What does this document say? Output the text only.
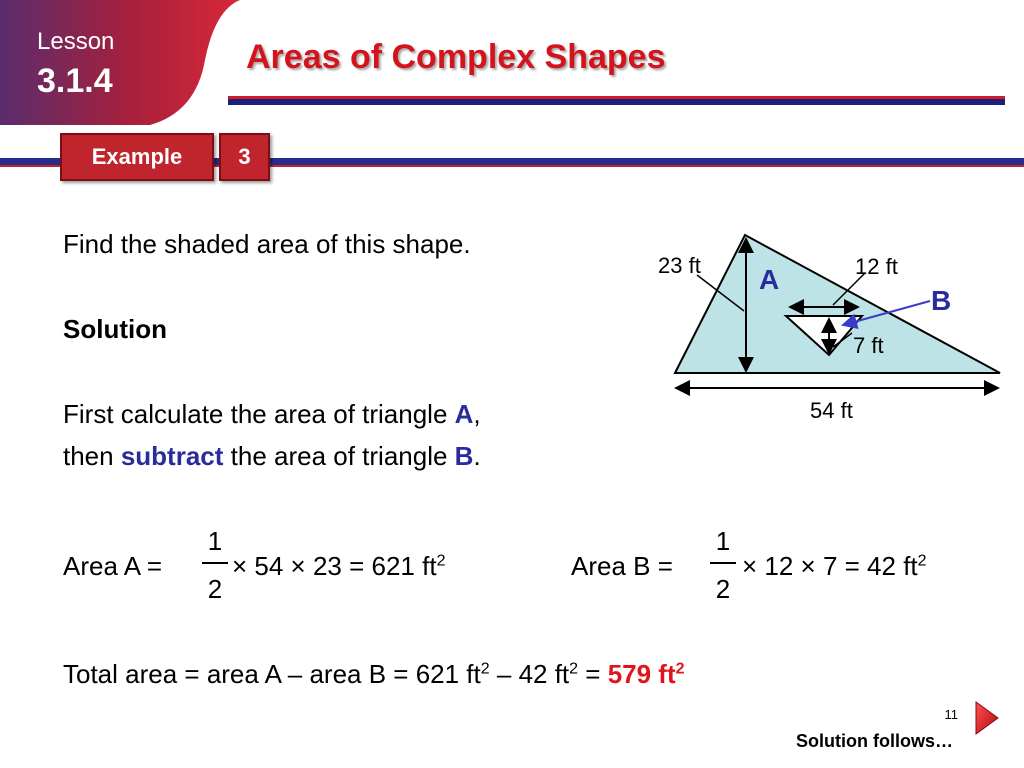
Lesson
3.1.4
Areas of Complex Shapes
Example	3
Find the shaded area of this shape.
Solution
First calculate the area of triangle A,
then subtract the area of triangle B.
Area A =
1
2
× 54 × 23 = 621 $ft^2$	Area B =
1
2
× 12 × 7 = 42 $ft^2$
Total area = area A – area B = 621 $ft^2 - 42$ $ft^2 = 579$ $ft^2$
23 ft	12 ft
7 ft
54 ft
A
B
11
Solution follows…
